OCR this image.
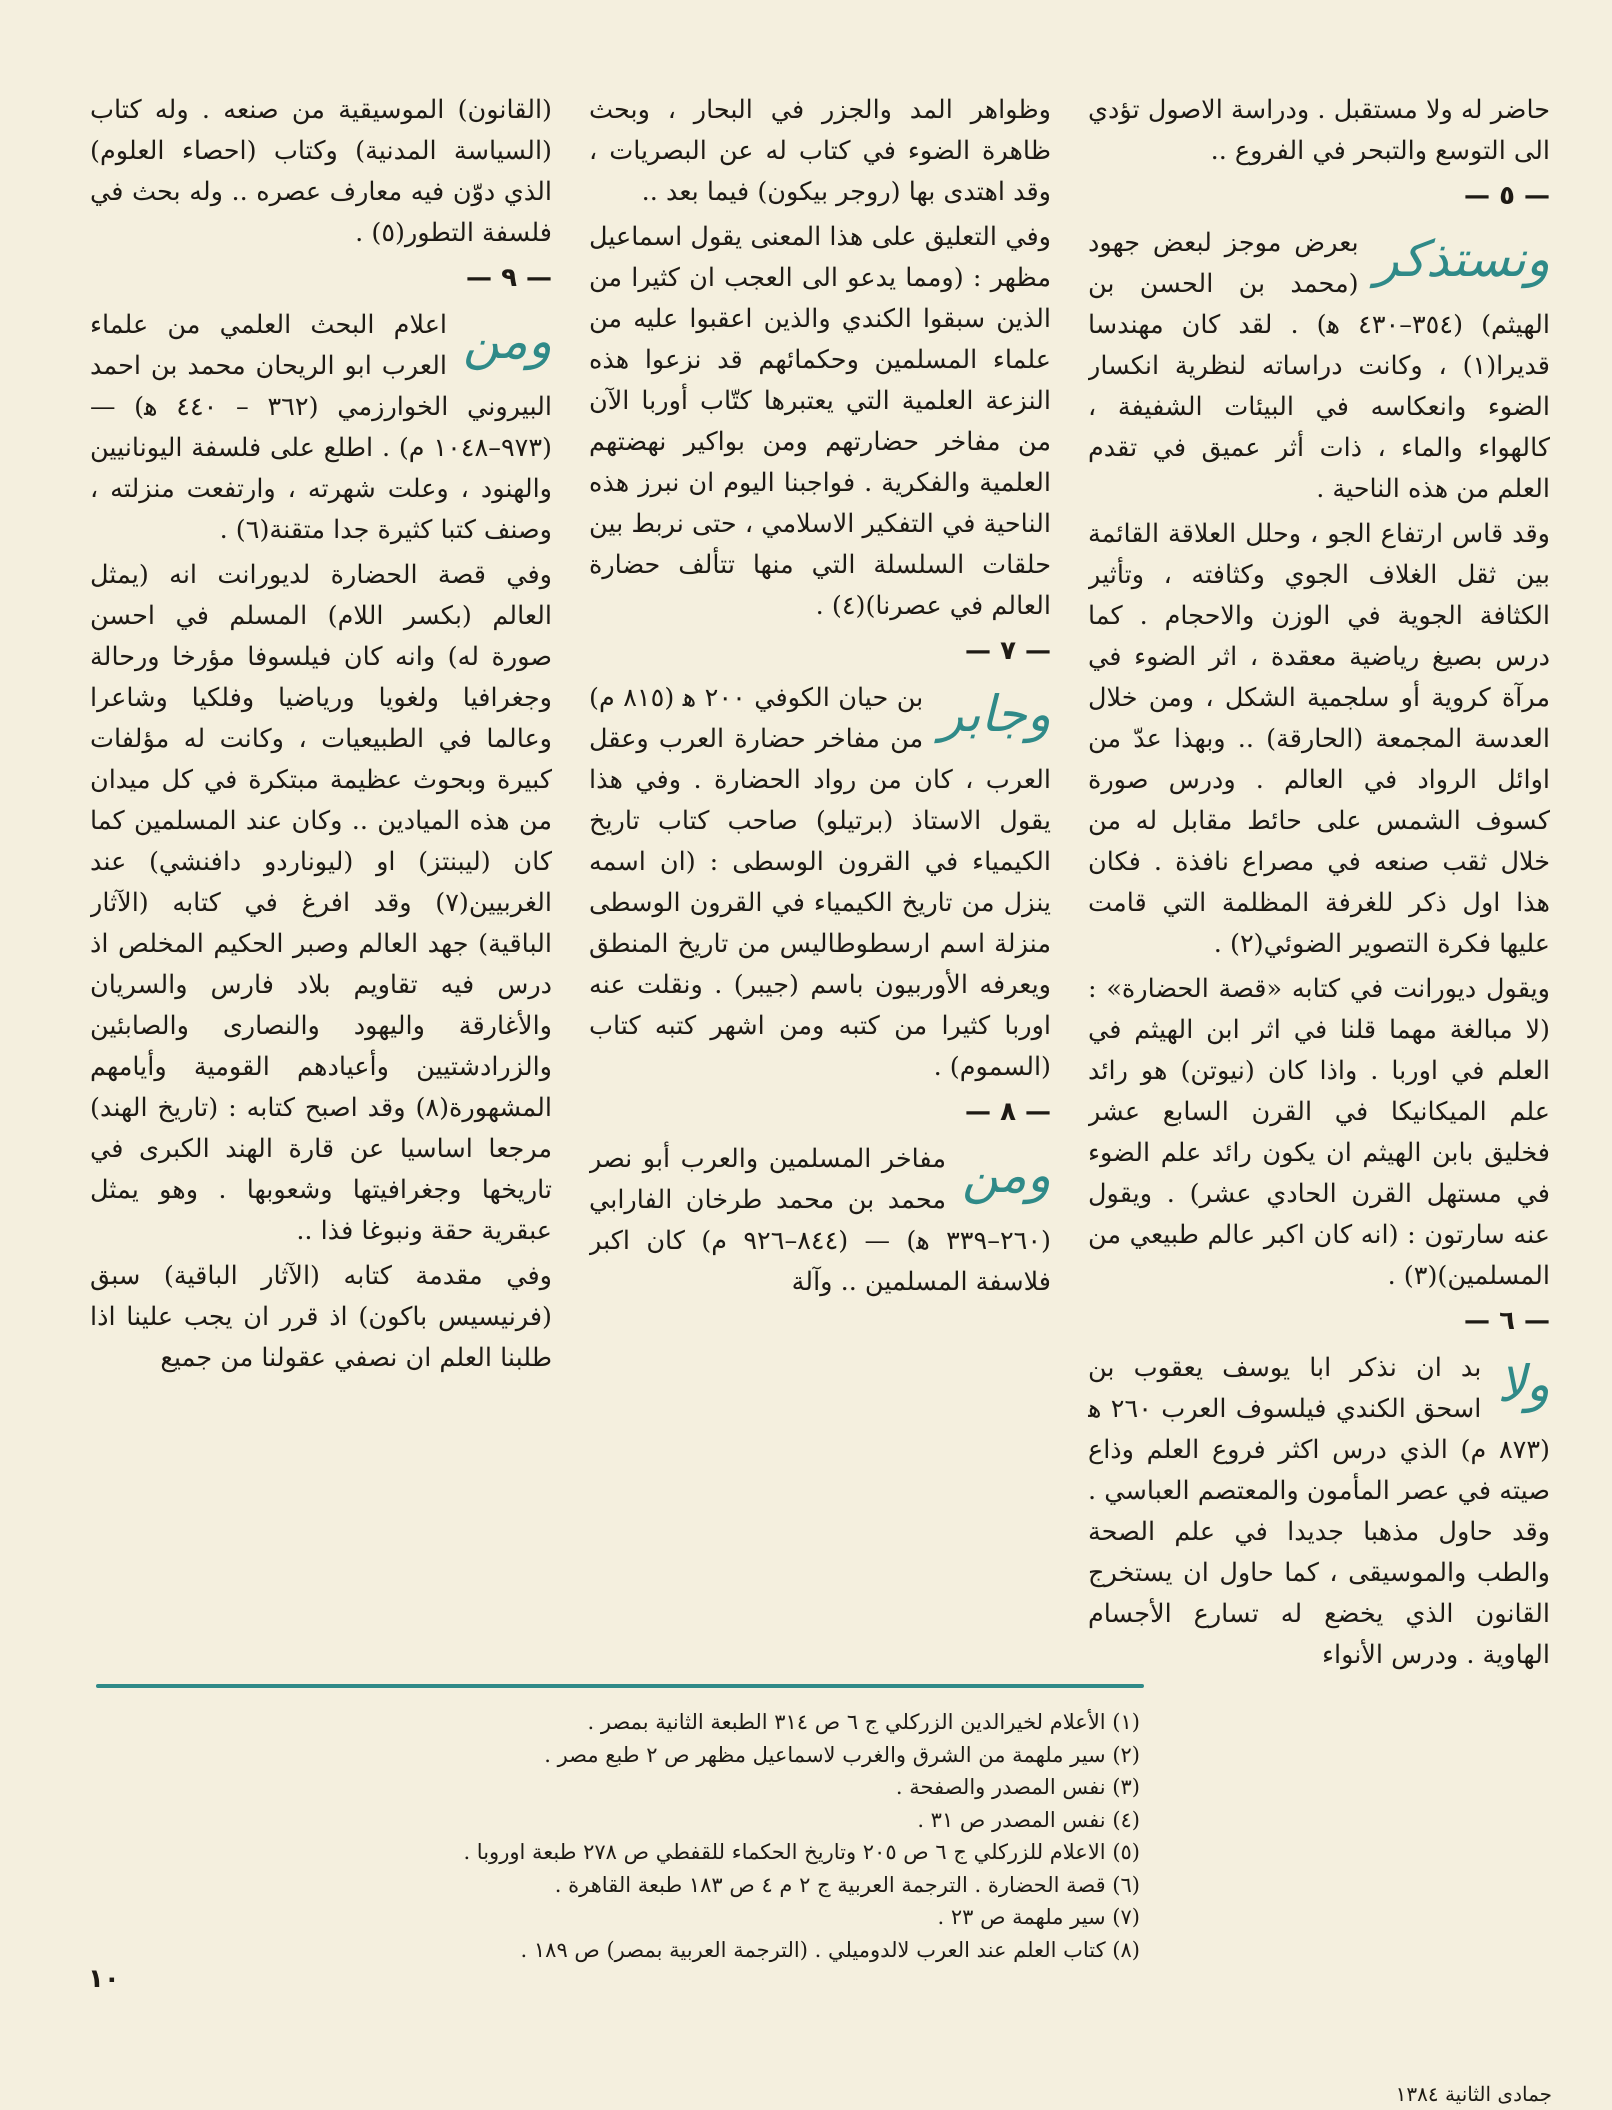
حاضر له ولا مستقبل . ودراسة الاصول تؤدي الى التوسع والتبحر في الفروع ..

— ٥ —

ونستذكر
بعرض موجز لبعض جهود (محمد بن الحسن بن الهيثم) (٣٥٤–٤٣٠ ﻫ) . لقد كان مهندسا قديرا(١) ، وكانت دراساته لنظرية انكسار الضوء وانعكاسه في البيئات الشفيفة ، كالهواء والماء ، ذات أثر عميق في تقدم العلم من هذه الناحية .

وقد قاس ارتفاع الجو ، وحلل العلاقة القائمة بين ثقل الغلاف الجوي وكثافته ، وتأثير الكثافة الجوية في الوزن والاحجام . كما درس بصيغ رياضية معقدة ، اثر الضوء في مرآة كروية أو سلجمية الشكل ، ومن خلال العدسة المجمعة (الحارقة) .. وبهذا عدّ من اوائل الرواد في العالم . ودرس صورة كسوف الشمس على حائط مقابل له من خلال ثقب صنعه في مصراع نافذة . فكان هذا اول ذكر للغرفة المظلمة التي قامت عليها فكرة التصوير الضوئي(٢) .

ويقول ديورانت في كتابه «قصة الحضارة» : (لا مبالغة مهما قلنا في اثر ابن الهيثم في العلم في اوربا . واذا كان (نيوتن) هو رائد علم الميكانيكا في القرن السابع عشر فخليق بابن الهيثم ان يكون رائد علم الضوء في مستهل القرن الحادي عشر) . ويقول عنه سارتون : (انه كان اكبر عالم طبيعي من المسلمين)(٣) .

— ٦ —

ولا
بد ان نذكر ابا يوسف يعقوب بن اسحق الكندي فيلسوف العرب ٢٦٠ ﻫ (٨٧٣ م) الذي درس اكثر فروع العلم وذاع صيته في عصر المأمون والمعتصم العباسي . وقد حاول مذهبا جديدا في علم الصحة والطب والموسيقى ، كما حاول ان يستخرج القانون الذي يخضع له تسارع الأجسام الهاوية . ودرس الأنواء

وظواهر المد والجزر في البحار ، وبحث ظاهرة الضوء في كتاب له عن البصريات ، وقد اهتدى بها (روجر بيكون) فيما بعد ..

وفي التعليق على هذا المعنى يقول اسماعيل مظهر : (ومما يدعو الى العجب ان كثيرا من الذين سبقوا الكندي والذين اعقبوا عليه من علماء المسلمين وحكمائهم قد نزعوا هذه النزعة العلمية التي يعتبرها كتّاب أوربا الآن من مفاخر حضارتهم ومن بواكير نهضتهم العلمية والفكرية . فواجبنا اليوم ان نبرز هذه الناحية في التفكير الاسلامي ، حتى نربط بين حلقات السلسلة التي منها تتألف حضارة العالم في عصرنا)(٤) .

— ٧ —

وجابر
بن حيان الكوفي ٢٠٠ ﻫ (٨١٥ م) من مفاخر حضارة العرب وعقل العرب ، كان من رواد الحضارة . وفي هذا يقول الاستاذ (برتيلو) صاحب كتاب تاريخ الكيمياء في القرون الوسطى : (ان اسمه ينزل من تاريخ الكيمياء في القرون الوسطى منزلة اسم ارسطوطاليس من تاريخ المنطق ويعرفه الأوربيون باسم (جيبر) . ونقلت عنه اوربا كثيرا من كتبه ومن اشهر كتبه كتاب (السموم) .

— ٨ —

ومن
مفاخر المسلمين والعرب أبو نصر محمد بن محمد طرخان الفارابي (٢٦٠–٣٣٩ ﻫ) — (٨٤٤–٩٢٦ م) كان اكبر فلاسفة المسلمين .. وآلة

(القانون) الموسيقية من صنعه . وله كتاب (السياسة المدنية) وكتاب (احصاء العلوم) الذي دوّن فيه معارف عصره .. وله بحث في فلسفة التطور(٥) .

— ٩ —

ومن
اعلام البحث العلمي من علماء العرب ابو الريحان محمد بن احمد البيروني الخوارزمي (٣٦٢ – ٤٤٠ ﻫ) — (٩٧٣–١٠٤٨ م) . اطلع على فلسفة اليونانيين والهنود ، وعلت شهرته ، وارتفعت منزلته ، وصنف كتبا كثيرة جدا متقنة(٦) .

وفي قصة الحضارة لديورانت انه (يمثل العالم (بكسر اللام) المسلم في احسن صورة له) وانه كان فيلسوفا مؤرخا ورحالة وجغرافيا ولغويا ورياضيا وفلكيا وشاعرا وعالما في الطبيعيات ، وكانت له مؤلفات كبيرة وبحوث عظيمة مبتكرة في كل ميدان من هذه الميادين .. وكان عند المسلمين كما كان (ليبنتز) او (ليوناردو دافنشي) عند الغربيين(٧) وقد افرغ في كتابه (الآثار الباقية) جهد العالم وصبر الحكيم المخلص اذ درس فيه تقاويم بلاد فارس والسريان والأغارقة واليهود والنصارى والصابئين والزرادشتيين وأعيادهم القومية وأيامهم المشهورة(٨) وقد اصبح كتابه : (تاريخ الهند) مرجعا اساسيا عن قارة الهند الكبرى في تاريخها وجغرافيتها وشعوبها . وهو يمثل عبقرية حقة ونبوغا فذا ..

وفي مقدمة كتابه (الآثار الباقية) سبق (فرنيسيس باكون) اذ قرر ان يجب علينا اذا طلبنا العلم ان نصفي عقولنا من جميع

(١) الأعلام لخيرالدين الزركلي ج ٦ ص ٣١٤ الطبعة الثانية بمصر .
(٢) سير ملهمة من الشرق والغرب لاسماعيل مظهر ص ٢ طبع مصر .
(٣) نفس المصدر والصفحة .
(٤) نفس المصدر ص ٣١ .
(٥) الاعلام للزركلي ج ٦ ص ٢٠٥ وتاريخ الحكماء للقفطي ص ٢٧٨ طبعة اوروبا .
(٦) قصة الحضارة . الترجمة العربية ج ٢ م ٤ ص ١٨٣ طبعة القاهرة .
(٧) سير ملهمة ص ٢٣ .
(٨) كتاب العلم عند العرب لالدوميلي . (الترجمة العربية بمصر) ص ١٨٩ .
١٠
جمادى الثانية ١٣٨٤
